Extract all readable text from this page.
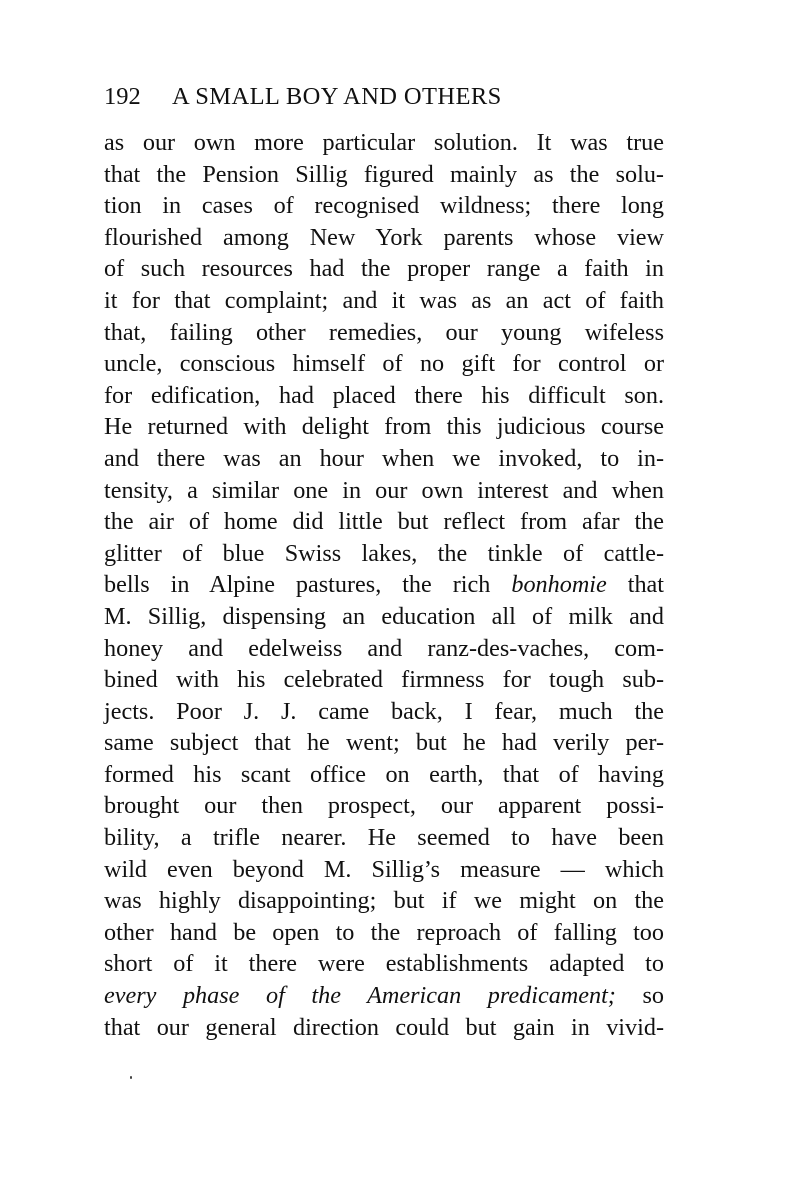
192 A SMALL BOY AND OTHERS
as our own more particular solution. It was true
that the Pension Sillig figured mainly as the solu-
tion in cases of recognised wildness; there long
flourished among New York parents whose view
of such resources had the proper range a faith in
it for that complaint; and it was as an act of faith
that, failing other remedies, our young wifeless
uncle, conscious himself of no gift for control or
for edification, had placed there his difficult son.
He returned with delight from this judicious course
and there was an hour when we invoked, to in-
tensity, a similar one in our own interest and when
the air of home did little but reflect from afar the
glitter of blue Swiss lakes, the tinkle of cattle-
bells in Alpine pastures, the rich bonhomie that
M. Sillig, dispensing an education all of milk and
honey and edelweiss and ranz-des-vaches, com-
bined with his celebrated firmness for tough sub-
jects. Poor J. J. came back, I fear, much the
same subject that he went; but he had verily per-
formed his scant office on earth, that of having
brought our then prospect, our apparent possi-
bility, a trifle nearer. He seemed to have been
wild even beyond M. Sillig’s measure — which
was highly disappointing; but if we might on the
other hand be open to the reproach of falling too
short of it there were establishments adapted to
every phase of the American predicament; so
that our general direction could but gain in vivid-
